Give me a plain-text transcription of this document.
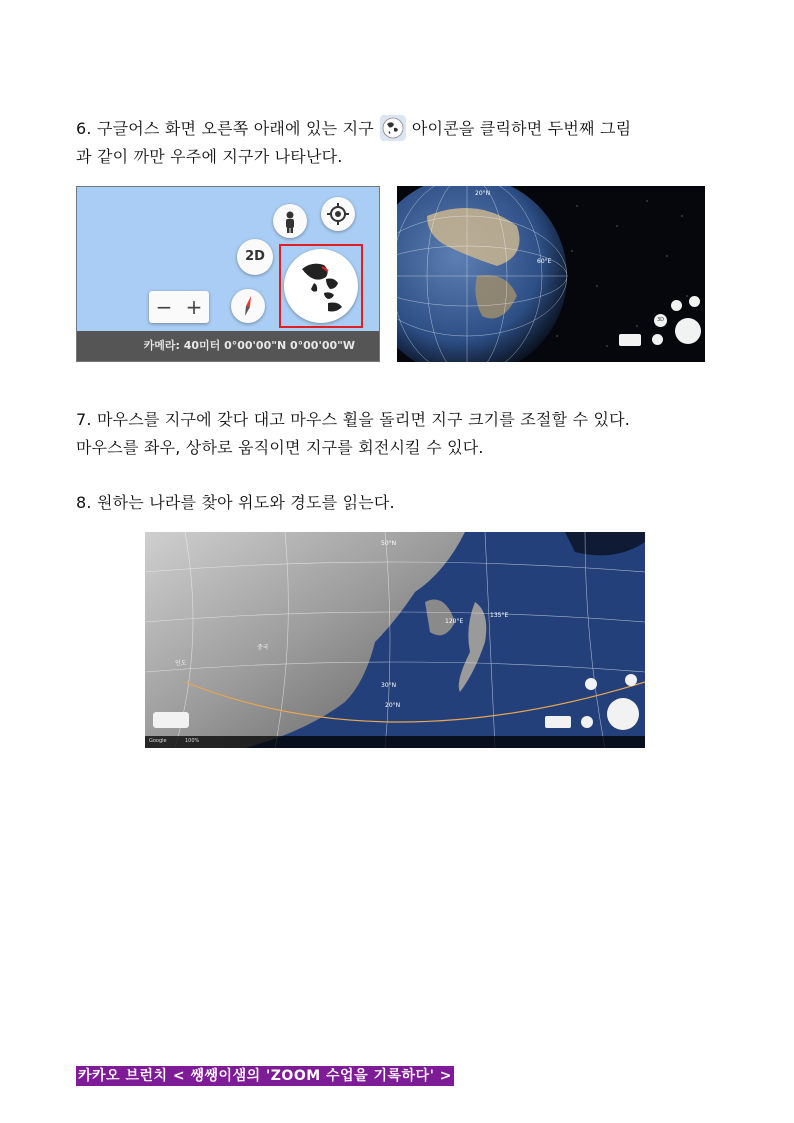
6. 구글어스 화면 오른쪽 아래에 있는 지구 아이콘을 클릭하면 두번째 그림
과 같이 까만 우주에 지구가 나타난다.
2D
− +
카메라: 40미터 0°00'00"N 0°00'00"W
20°N
60°E
3D
7. 마우스를 지구에 갖다 대고 마우스 휠을 돌리면 지구 크기를 조절할 수 있다.
마우스를 좌우, 상하로 움직이면 지구를 회전시킬 수 있다.
8. 원하는 나라를 찾아 위도와 경도를 읽는다.
중국
인도
30°N
20°N
120°E
135°E
50°N
Google	100%
카카오 브런치 < 쌩쌩이샘의 'ZOOM 수업을 기록하다' >
